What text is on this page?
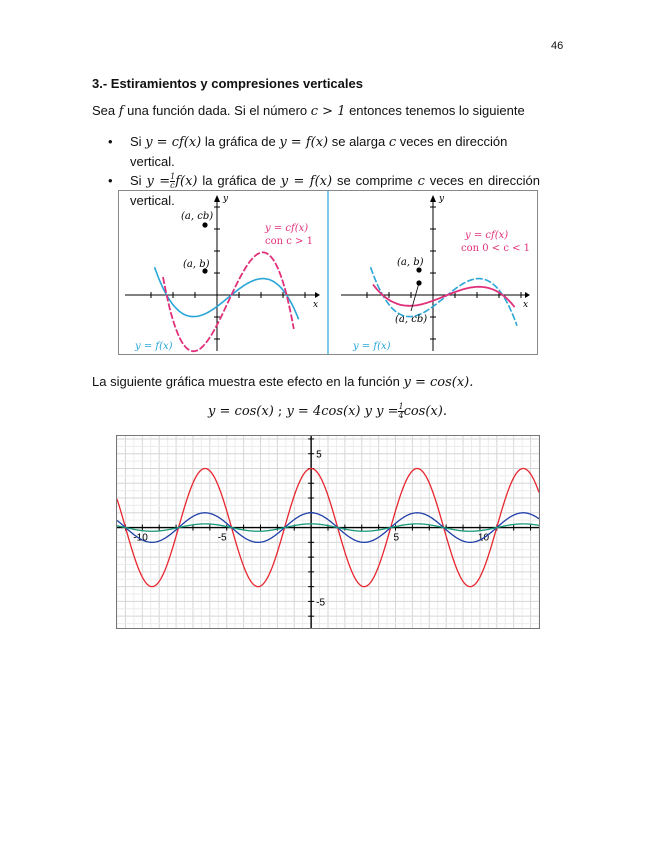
46
3.- Estiramientos y compresiones verticales
Sea f una función dada. Si el número c > 1 entonces tenemos lo siguiente
• Si y = cf(x) la gráfica de y = f(x) se alarga c veces en dirección vertical.
• Si $y = \frac{1}{c} f(x)$ la gráfica de y = f(x) se comprime c veces en dirección
vertical.
(a, cb)
(a, b)
y = cf(x)
con c > 1
y = f(x)
x
y
(a, b)
(a, cb)
y = cf(x)
con 0 < c < 1
y = f(x)
x
y
La siguiente gráfica muestra este efecto en la función y = cos(x).
y = cos(x) ; y = 4cos(x) y $y = \frac{1}{4} \cos(x)$.
-10	-5	5	10
5
-5
